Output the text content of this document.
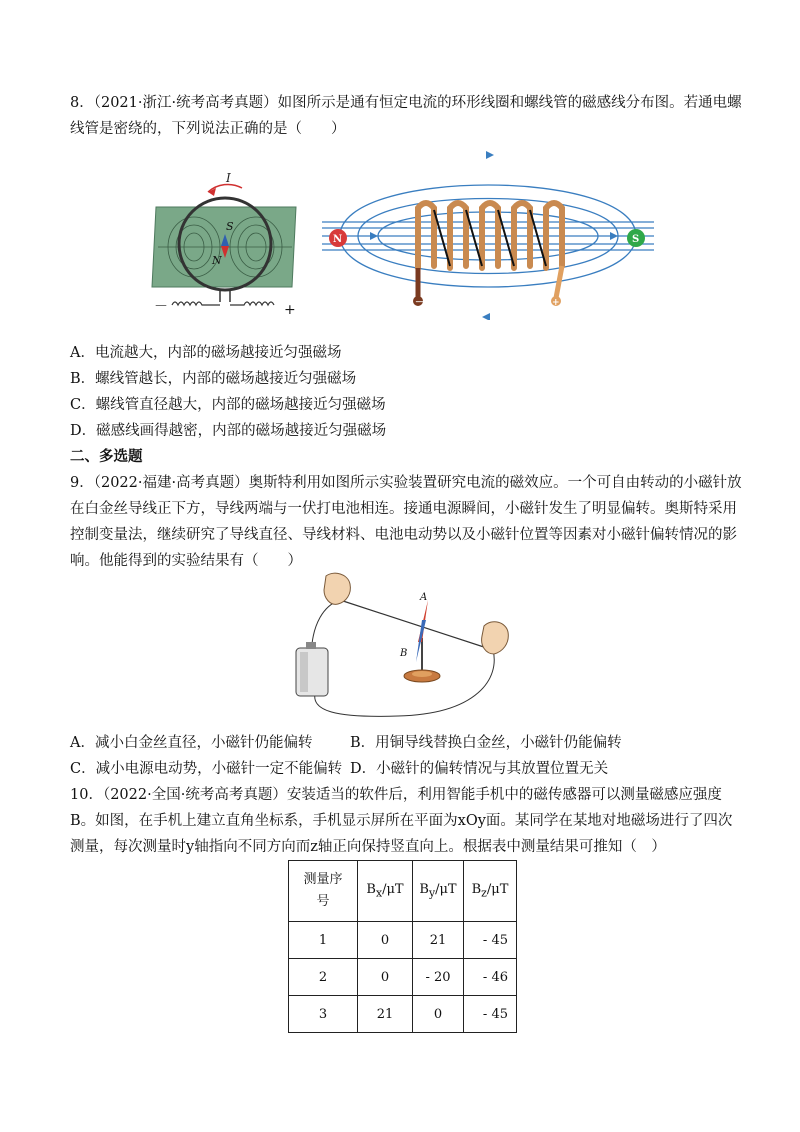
8．（2021·浙江·统考高考真题）如图所示是通有恒定电流的环形线圈和螺线管的磁感线分布图。若通电螺
线管是密绕的，下列说法正确的是（　　）
I
S
N
－	+	－	+
N	S
A．电流越大，内部的磁场越接近匀强磁场
B．螺线管越长，内部的磁场越接近匀强磁场
C．螺线管直径越大，内部的磁场越接近匀强磁场
D．磁感线画得越密，内部的磁场越接近匀强磁场
二、多选题
9．（2022·福建·高考真题）奥斯特利用如图所示实验装置研究电流的磁效应。一个可自由转动的小磁针放
在白金丝导线正下方，导线两端与一伏打电池相连。接通电源瞬间，小磁针发生了明显偏转。奥斯特采用
控制变量法，继续研究了导线直径、导线材料、电池电动势以及小磁针位置等因素对小磁针偏转情况的影
响。他能得到的实验结果有（　　）
A
B
A．减小白金丝直径，小磁针仍能偏转	B．用铜导线替换白金丝，小磁针仍能偏转
C．减小电源电动势，小磁针一定不能偏转 D．小磁针的偏转情况与其放置位置无关
10．（2022·全国·统考高考真题）安装适当的软件后，利用智能手机中的磁传感器可以测量磁感应强度
B。如图，在手机上建立直角坐标系，手机显示屏所在平面为xOy面。某同学在某地对地磁场进行了四次
测量，每次测量时y轴指向不同方向而z轴正向保持竖直向上。根据表中测量结果可推知（　）
测量序
号	$B_x/\mu T$	$B_y/\mu T$	$B_z/\mu T$
1	0	21	- 45
2	0	- 20	- 46
3	21	0	- 45
